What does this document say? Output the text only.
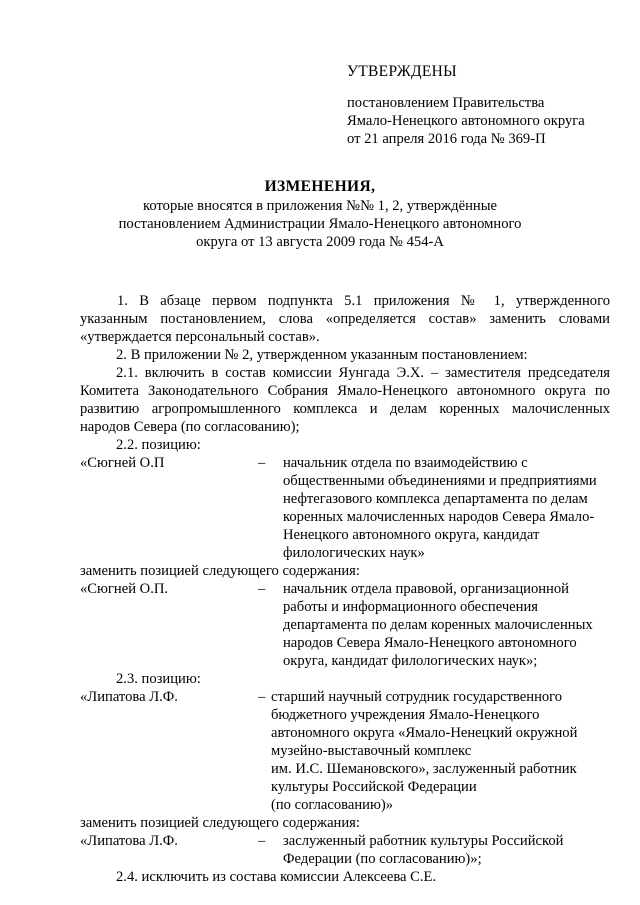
УТВЕРЖДЕНЫ
постановлением Правительства
Ямало-Ненецкого автономного округа
от 21 апреля 2016 года № 369-П
ИЗМЕНЕНИЯ,
которые вносятся в приложения №№ 1, 2, утверждённые
постановлением Администрации Ямало-Ненецкого автономного
округа от 13 августа 2009 года № 454-А
1. В абзаце первом подпункта 5.1 приложения № 1, утвержденного
указанным постановлением, слова «определяется состав» заменить словами
«утверждается персональный состав».
2. В приложении № 2, утвержденном указанным постановлением:
2.1. включить в состав комиссии Яунгада Э.Х. – заместителя председателя
Комитета Законодательного Собрания Ямало-Ненецкого автономного округа по
развитию агропромышленного комплекса и делам коренных малочисленных
народов Севера (по согласованию);
2.2. позицию:
«Сюгней О.П	–	начальник отдела по взаимодействию с
общественными объединениями и предприятиями
нефтегазового комплекса департамента по делам
коренных малочисленных народов Севера Ямало-
Ненецкого автономного округа, кандидат
филологических наук»
заменить позицией следующего содержания:
«Сюгней О.П.	–	начальник отдела правовой, организационной
работы и информационного обеспечения
департамента по делам коренных малочисленных
народов Севера Ямало-Ненецкого автономного
округа, кандидат филологических наук»;
2.3. позицию:
«Липатова Л.Ф.	– старший научный сотрудник государственного
бюджетного учреждения Ямало-Ненецкого
автономного округа «Ямало-Ненецкий окружной
музейно-выставочный комплекс
им. И.С. Шемановского», заслуженный работник
культуры Российской Федерации
(по согласованию)»
заменить позицией следующего содержания:
«Липатова Л.Ф.	–	заслуженный работник культуры Российской
Федерации (по согласованию)»;
2.4. исключить из состава комиссии Алексеева С.Е.
